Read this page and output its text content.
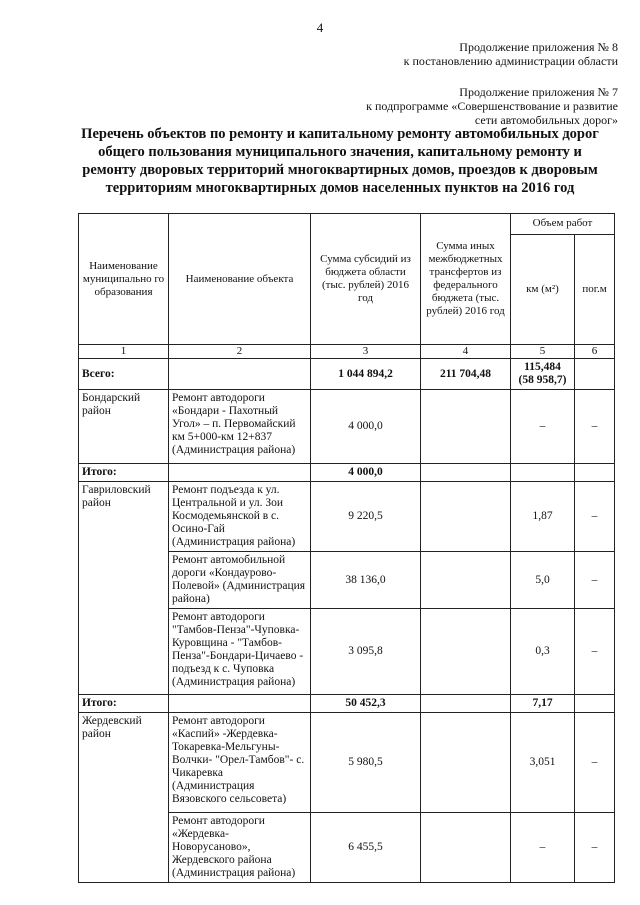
4
Продолжение приложения № 8
к постановлению администрации области
Продолжение приложения № 7
к подпрограмме «Совершенствование и развитие
сети автомобильных дорог»
Перечень объектов по ремонту и капитальному ремонту автомобильных дорог общего пользования муниципального значения, капитальному ремонту и ремонту дворовых территорий многоквартирных домов, проездов к дворовым территориям многоквартирных домов населенных пунктов на 2016 год
Наименование муниципально го образования	Наименование объекта	Сумма субсидий из бюджета области (тыс. рублей) 2016 год	Сумма иных межбюджетных трансфертов из федерального бюджета (тыс. рублей) 2016 год	Объем работ	
				км (м²)	пог.м
1	2	3	4	5	6
Всего:		1 044 894,2	211 704,48	115,484
(58 958,7)	

Бондарский район	Ремонт автодороги «Бондари - Пахотный Угол» – п. Первомайский км 5+000-км 12+837 (Администрация района)	4 000,0		–	–
Итого:		4 000,0			
Гавриловский район	Ремонт подъезда к ул. Центральной и ул. Зои Космодемьянской в с. Осино-Гай (Администрация района)	9 220,5		1,87	–
	Ремонт автомобильной дороги «Кондаурово-Полевой» (Администрация района)	38 136,0		5,0	–
	Ремонт автодороги "Тамбов-Пенза"-Чуповка-Куровщина - "Тамбов-Пенза"-Бондари-Цичаево - подъезд к с. Чуповка (Администрация района)	3 095,8		0,3	–
Итого:		50 452,3		7,17	
Жердевский район	Ремонт автодороги «Каспий» -Жердевка-Токаревка-Мельгуны-Волчки- "Орел-Тамбов"- с. Чикаревка (Администрация Вязовского сельсовета)	5 980,5		3,051	–
	Ремонт автодороги «Жердевка-Новорусаново», Жердевского района (Администрация района)	6 455,5		–	–
